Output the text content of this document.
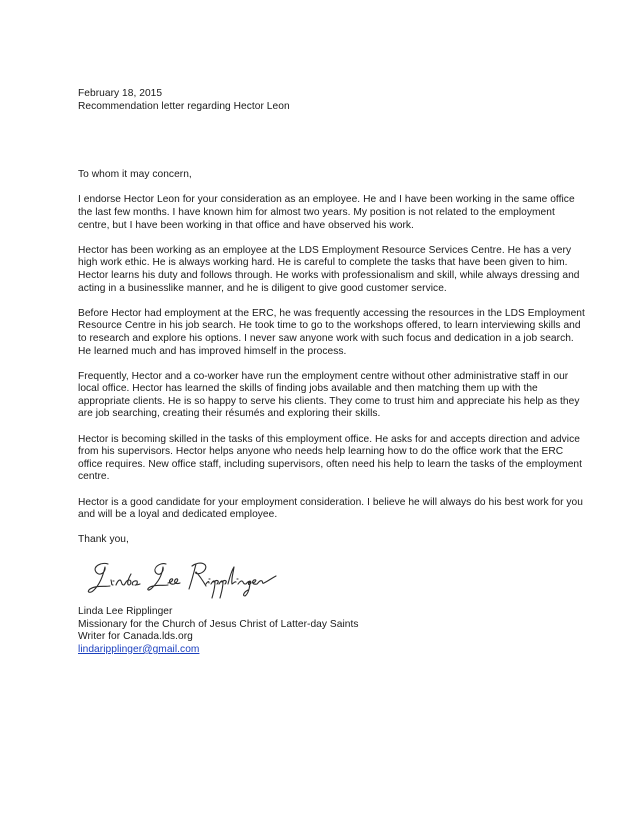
February 18, 2015
Recommendation letter regarding Hector Leon
To whom it may concern,
I endorse Hector Leon for your consideration as an employee. He and I have been working in the same office
the last few months. I have known him for almost two years. My position is not related to the employment
centre, but I have been working in that office and have observed his work.
Hector has been working as an employee at the LDS Employment Resource Services Centre. He has a very
high work ethic. He is always working hard. He is careful to complete the tasks that have been given to him.
Hector learns his duty and follows through. He works with professionalism and skill, while always dressing and
acting in a businesslike manner, and he is diligent to give good customer service.
Before Hector had employment at the ERC, he was frequently accessing the resources in the LDS Employment
Resource Centre in his job search. He took time to go to the workshops offered, to learn interviewing skills and
to research and explore his options. I never saw anyone work with such focus and dedication in a job search.
He learned much and has improved himself in the process.
Frequently, Hector and a co-worker have run the employment centre without other administrative staff in our
local office. Hector has learned the skills of finding jobs available and then matching them up with the
appropriate clients. He is so happy to serve his clients. They come to trust him and appreciate his help as they
are job searching, creating their résumés and exploring their skills.
Hector is becoming skilled in the tasks of this employment office. He asks for and accepts direction and advice
from his supervisors. Hector helps anyone who needs help learning how to do the office work that the ERC
office requires. New office staff, including supervisors, often need his help to learn the tasks of the employment
centre.
Hector is a good candidate for your employment consideration. I believe he will always do his best work for you
and will be a loyal and dedicated employee.
Thank you,
Linda Lee Ripplinger
Missionary for the Church of Jesus Christ of Latter-day Saints
Writer for Canada.lds.org
lindaripplinger@gmail.com
